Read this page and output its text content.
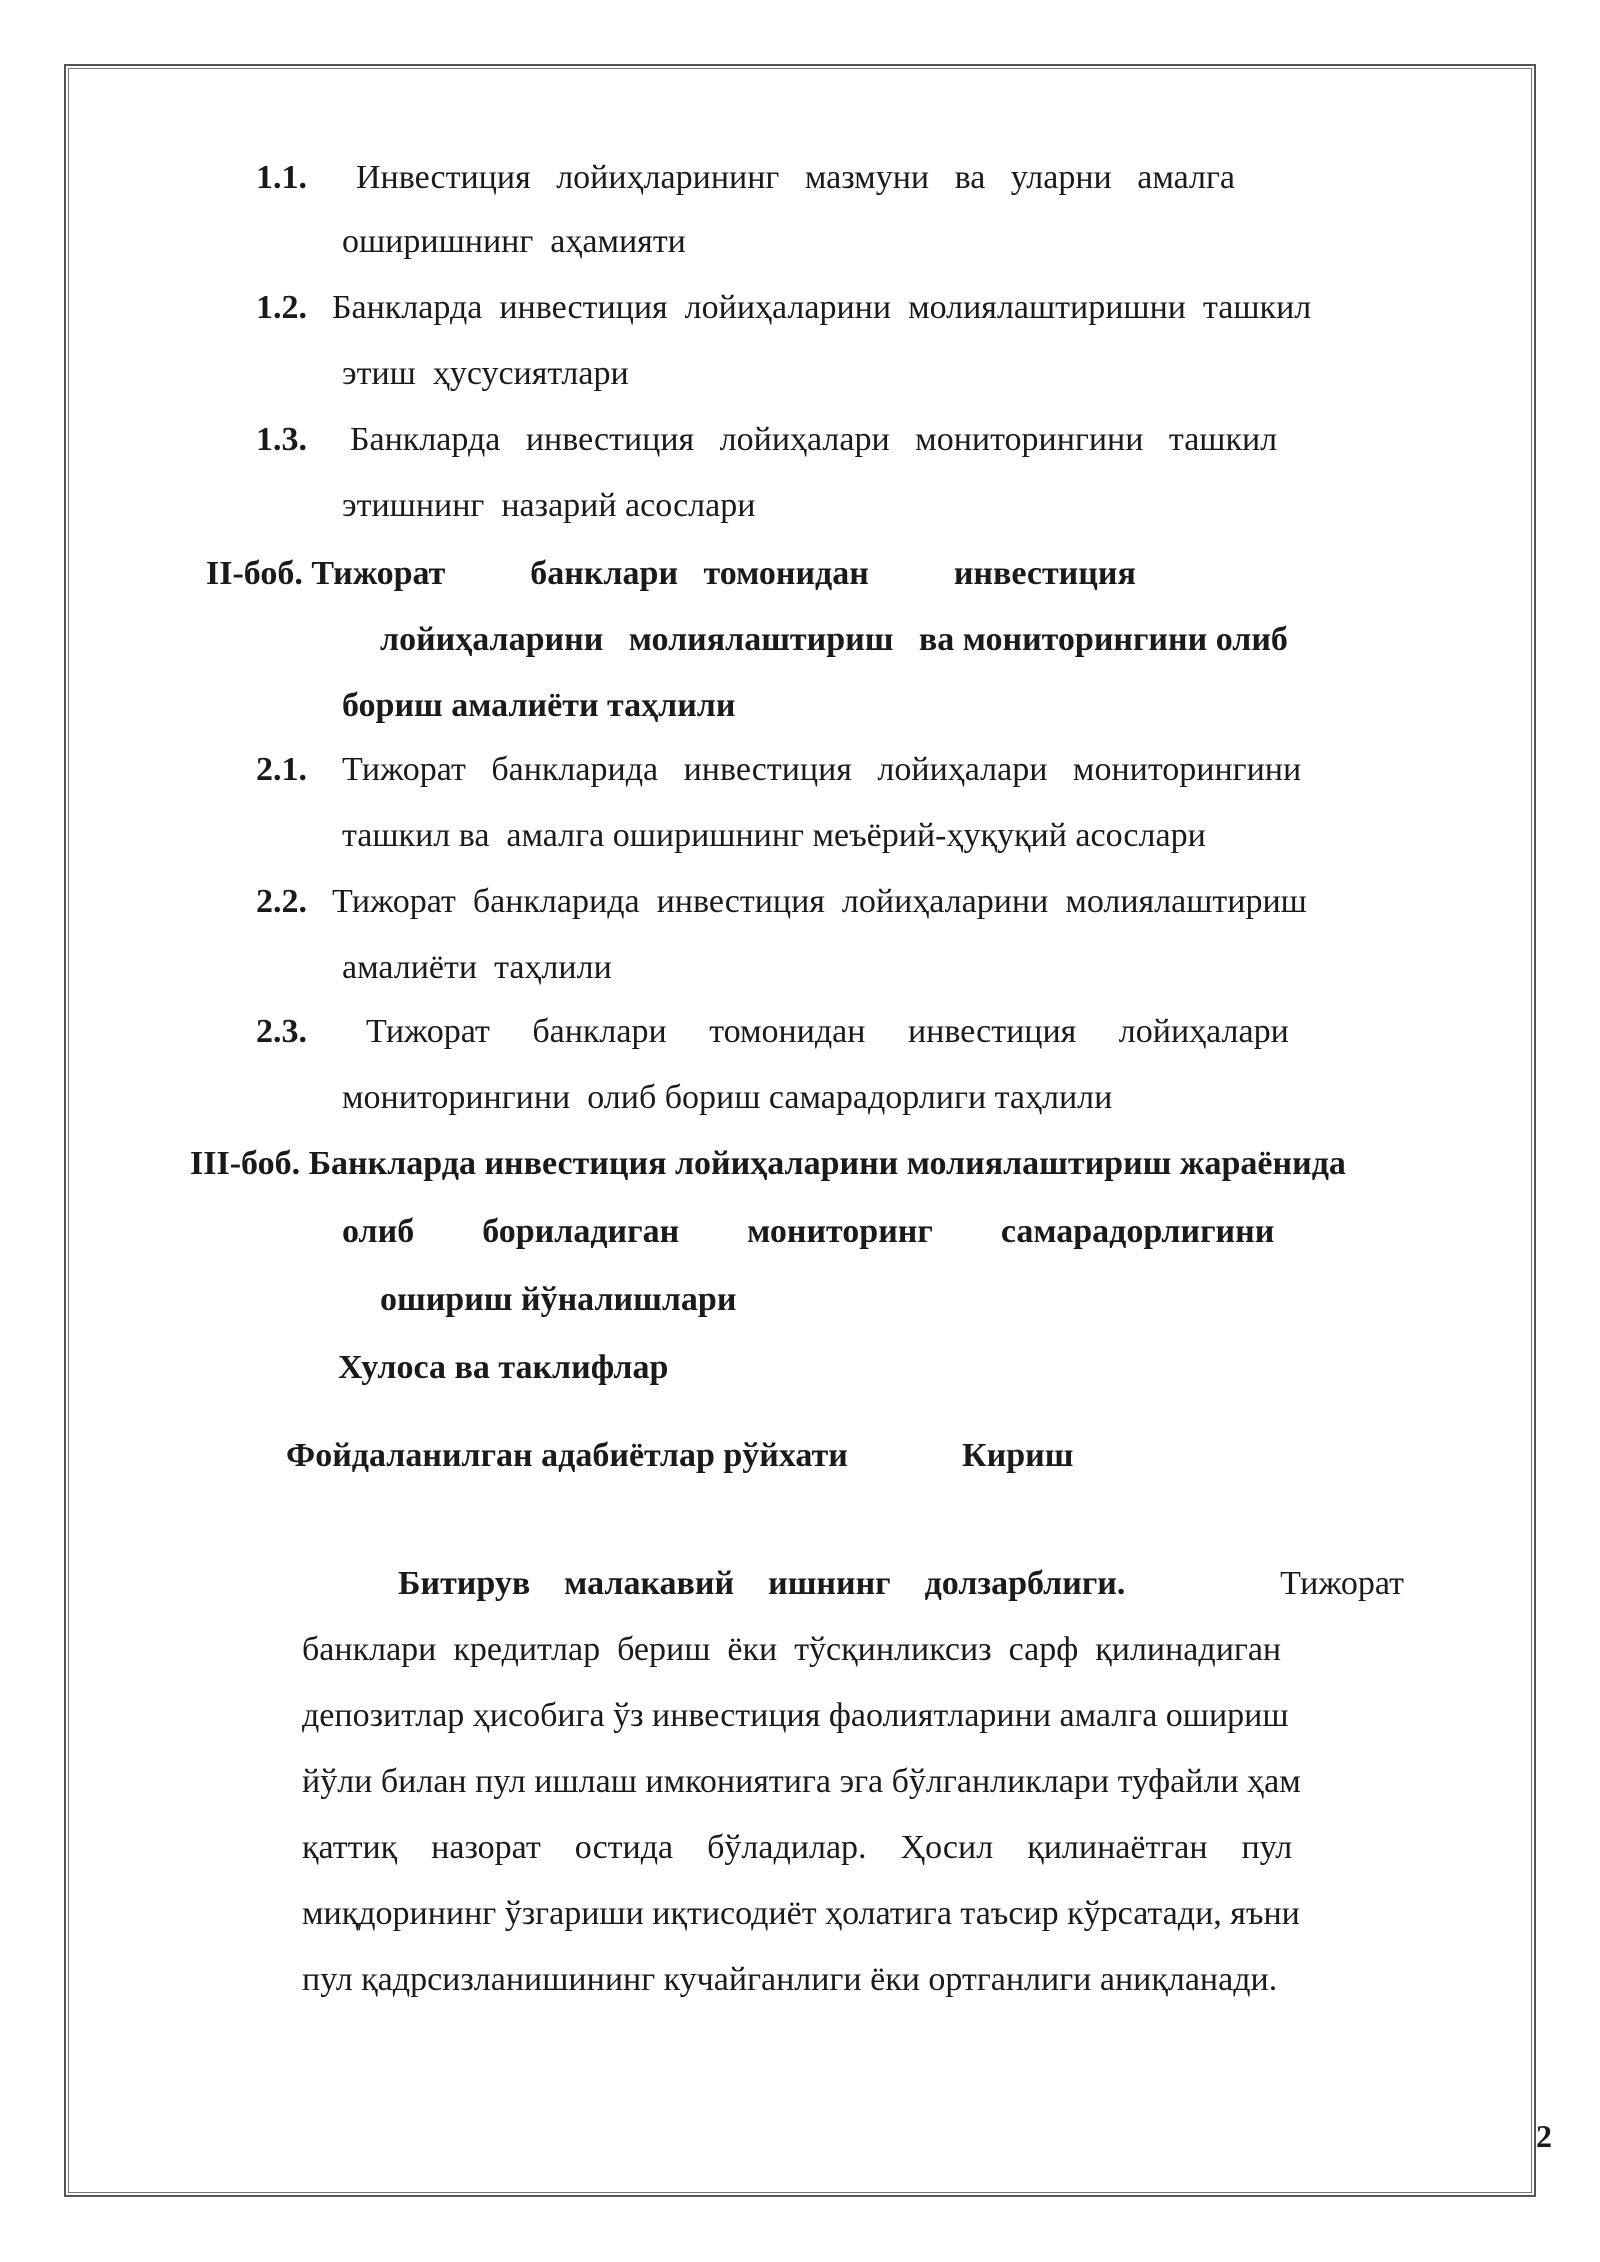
1.1. Инвестиция   лойиҳларининг   мазмуни   ва   уларни   амалга
оширишнинг  аҳамияти
1.2. Банкларда  инвестиция  лойиҳаларини  молиялаштиришни  ташкил
этиш  ҳусусиятлари
1.3. Банкларда   инвестиция   лойиҳалари   мониторингини   ташкил
этишнинг  назарий асослари
II-боб. Тижорат          банклари   томонидан          инвестиция
лойиҳаларини   молиялаштириш   ва мониторингини олиб
бориш амалиёти таҳлили
2.1. Тижорат   банкларида   инвестиция   лойиҳалари   мониторингини
ташкил ва  амалга оширишнинг меъёрий-ҳуқуқий асослари
2.2. Тижорат  банкларида  инвестиция  лойиҳаларини  молиялаштириш
амалиёти  таҳлили
2.3. Тижорат     банклари     томонидан     инвестиция     лойиҳалари
мониторингини  олиб бориш самарадорлиги таҳлили
III-боб. Банкларда инвестиция лойиҳаларини молиялаштириш жараёнида
олиб        бориладиган        мониторинг        самарадорлигини
ошириш йўналишлари
Хулоса ва таклифлар
Фойдаланилган адабиётлар рўйхати	Кириш
Битирув    малакавий    ишнинг    долзарблиги.	Тижорат
банклари  кредитлар  бериш  ёки  тўсқинликсиз  сарф  қилинадиган
депозитлар ҳисобига ўз инвестиция фаолиятларини амалга ошириш
йўли билан пул ишлаш имкониятига эга бўлганликлари туфайли ҳам
қаттиқ    назорат    остида    бўладилар.    Ҳосил    қилинаётган    пул
миқдорининг ўзгариши иқтисодиёт ҳолатига таъсир кўрсатади, яъни
пул қадрсизланишининг кучайганлиги ёки ортганлиги аниқланади.
2
